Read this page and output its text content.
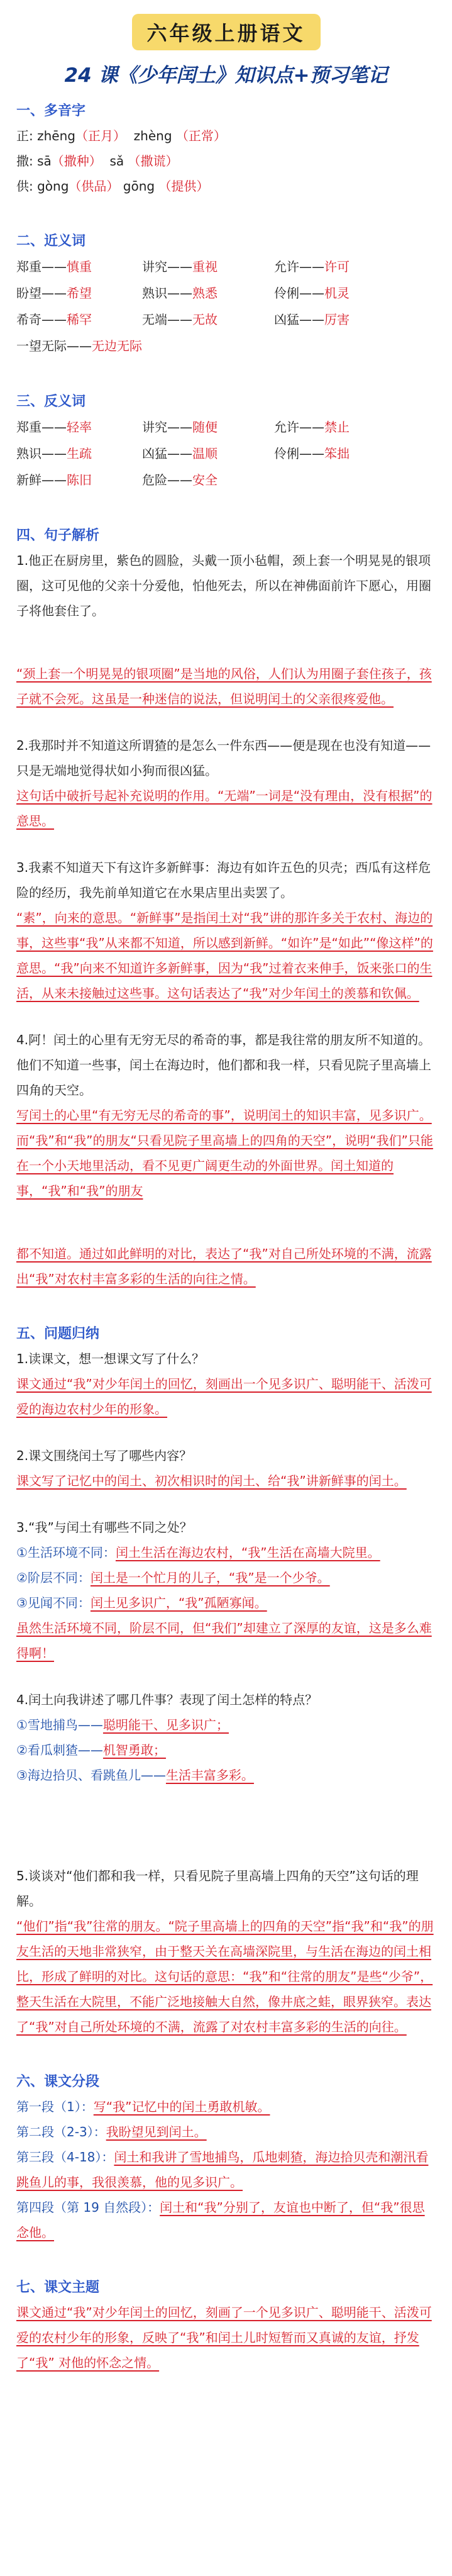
六年级上册语文
24 课《少年闰土》知识点+预习笔记
一、多音字

正: zhēng（正月） zhèng （正常）

撒: sā（撒种） sǎ （撒谎）

供: gòng（供品） gōng （提供）

二、近义词
郑重——慎重	讲究——重视	允许——许可
盼望——希望	熟识——熟悉	伶俐——机灵
希奇——稀罕	无端——无故	凶猛——厉害
一望无际——无边无际
三、反义词
郑重——轻率	讲究——随便	允许——禁止
熟识——生疏	凶猛——温顺	伶俐——笨拙
新鲜——陈旧	危险——安全
四、句子解析

1.他正在厨房里，紫色的圆脸，头戴一顶小毡帽，颈上套一个明晃晃的银项圈，这可见他的父亲十分爱他，怕他死去，所以在神佛面前许下愿心，用圈子将他套住了。

“颈上套一个明晃晃的银项圈”是当地的风俗，人们认为用圈子套住孩子，孩子就不会死。这虽是一种迷信的说法，但说明闰土的父亲很疼爱他。

2.我那时并不知道这所谓猹的是怎么一件东西——便是现在也没有知道——只是无端地觉得状如小狗而很凶猛。

这句话中破折号起补充说明的作用。“无端”一词是“没有理由，没有根据”的意思。

3.我素不知道天下有这许多新鲜事：海边有如许五色的贝壳；西瓜有这样危险的经历，我先前单知道它在水果店里出卖罢了。

“素”，向来的意思。“新鲜事”是指闰土对“我”讲的那许多关于农村、海边的事，这些事“我”从来都不知道，所以感到新鲜。“如许”是“如此”“像这样”的意思。“我”向来不知道许多新鲜事，因为“我”过着衣来伸手，饭来张口的生活，从来未接触过这些事。这句话表达了“我”对少年闰土的羡慕和钦佩。

4.阿！闰土的心里有无穷无尽的希奇的事，都是我往常的朋友所不知道的。他们不知道一些事，闰土在海边时，他们都和我一样，只看见院子里高墙上四角的天空。

写闰土的心里“有无穷无尽的希奇的事”，说明闰土的知识丰富，见多识广。而“我”和“我”的朋友“只看见院子里高墙上的四角的天空”，说明“我们”只能在一个小天地里活动，看不见更广阔更生动的外面世界。闰土知道的事，“我”和“我”的朋友

都不知道。通过如此鲜明的对比，表达了“我”对自己所处环境的不满，流露出“我”对农村丰富多彩的生活的向往之情。

五、问题归纳

1.读课文，想一想课文写了什么？

课文通过“我”对少年闰土的回忆，刻画出一个见多识广、聪明能干、活泼可爱的海边农村少年的形象。

2.课文围绕闰土写了哪些内容？

课文写了记忆中的闰土、初次相识时的闰土、给“我”讲新鲜事的闰土。

3.“我”与闰土有哪些不同之处？

①生活环境不同：闰土生活在海边农村，“我”生活在高墙大院里。

②阶层不同：闰土是一个忙月的儿子，“我”是一个少爷。

③见闻不同：闰土见多识广，“我”孤陋寡闻。

虽然生活环境不同，阶层不同，但“我们”却建立了深厚的友谊，这是多么难得啊！

4.闰土向我讲述了哪几件事？表现了闰土怎样的特点？

①雪地捕鸟——聪明能干、见多识广；

②看瓜刺猹——机智勇敢；

③海边拾贝、看跳鱼儿——生活丰富多彩。

5.谈谈对“他们都和我一样，只看见院子里高墙上四角的天空”这句话的理解。

“他们”指“我”往常的朋友。“院子里高墙上的四角的天空”指“我”和“我”的朋友生活的天地非常狭窄，由于整天关在高墙深院里，与生活在海边的闰土相比，形成了鲜明的对比。这句话的意思：“我”和“往常的朋友”是些“少爷”，整天生活在大院里，不能广泛地接触大自然，像井底之蛙，眼界狭窄。表达了“我”对自己所处环境的不满，流露了对农村丰富多彩的生活的向往。

六、课文分段

第一段（1）：写“我”记忆中的闰土勇敢机敏。

第二段（2-3）：我盼望见到闰土。

第三段（4-18）：闰土和我讲了雪地捕鸟，瓜地刺猹，海边拾贝壳和潮汛看跳鱼儿的事，我很羡慕，他的见多识广。

第四段（第 19 自然段）：闰土和“我”分别了，友谊也中断了，但“我”很思念他。

七、课文主题

课文通过“我”对少年闰土的回忆，刻画了一个见多识广、聪明能干、活泼可爱的农村少年的形象，反映了“我”和闰土儿时短暂而又真诚的友谊，抒发了“我” 对他的怀念之情。
